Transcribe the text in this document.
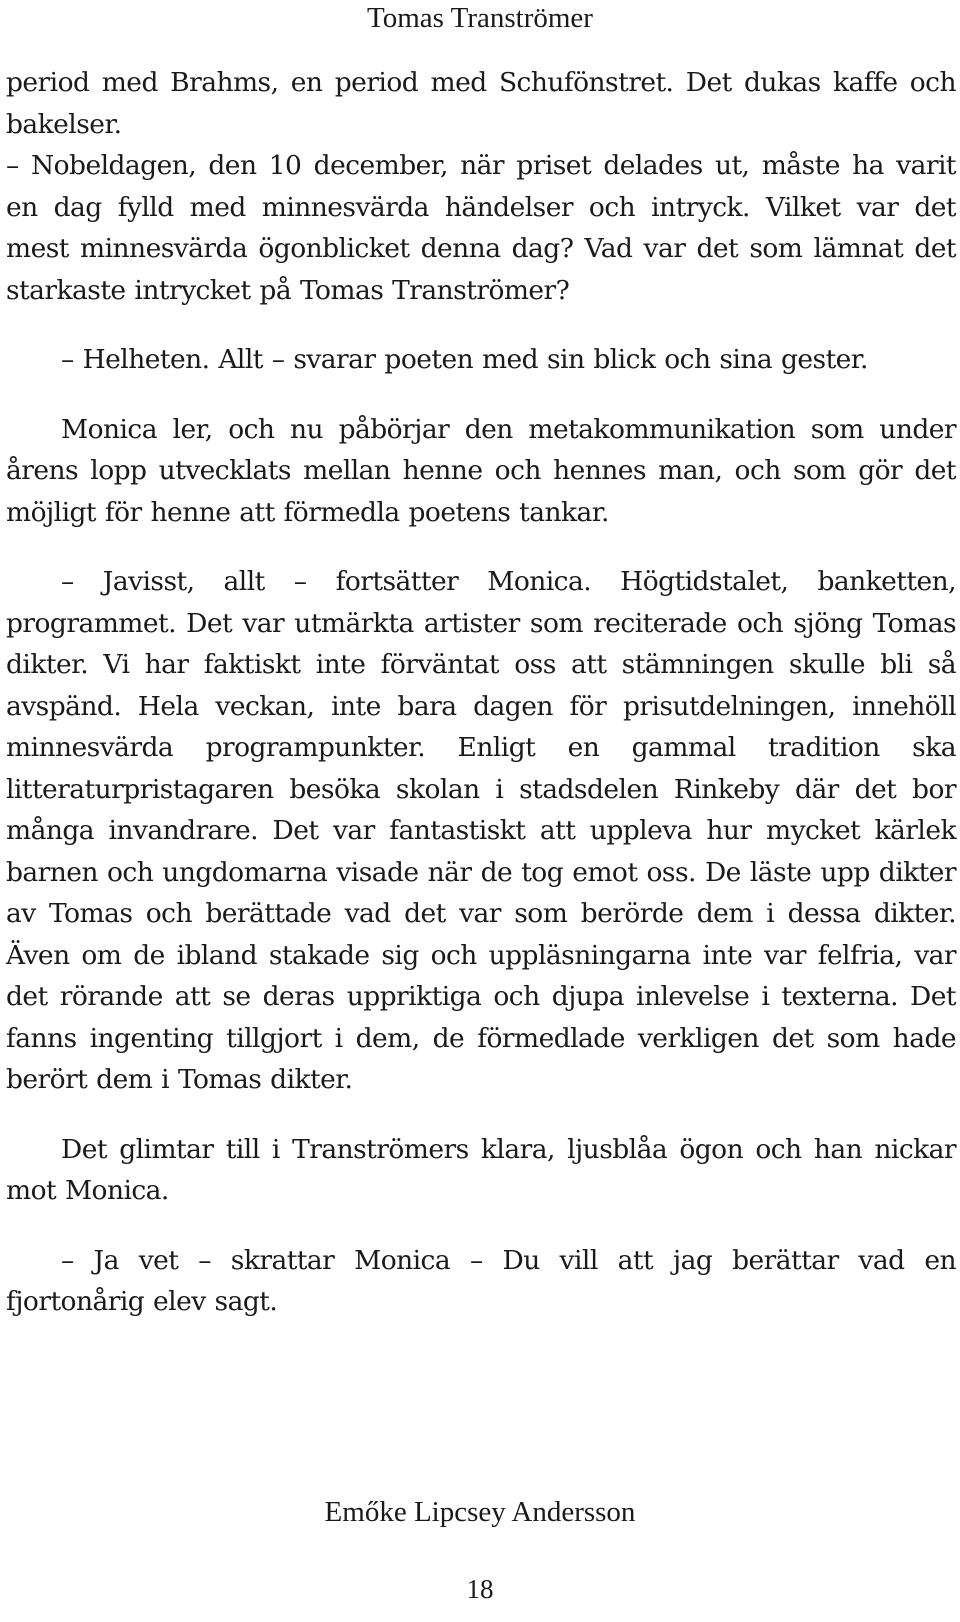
Tomas Tranströmer

period med Brahms, en period med Schufönstret. Det dukas kaffe och bakelser.

– Nobeldagen, den 10 december, när priset delades ut, måste ha varit en dag fylld med minnesvärda händelser och intryck. Vilket var det mest minnesvärda ögonblicket denna dag? Vad var det som lämnat det starkaste intrycket på Tomas Tranströmer?

– Helheten. Allt – svarar poeten med sin blick och sina gester.

Monica ler, och nu påbörjar den metakommunikation som under årens lopp utvecklats mellan henne och hennes man, och som gör det möjligt för henne att förmedla poetens tankar.

– Javisst, allt – fortsätter Monica. Högtidstalet, banketten, programmet. Det var utmärkta artister som reciterade och sjöng Tomas dikter. Vi har faktiskt inte förväntat oss att stämningen skulle bli så avspänd. Hela veckan, inte bara dagen för prisutdelningen, innehöll minnesvärda programpunkter. Enligt en gammal tradition ska litteraturpristagaren besöka skolan i stadsdelen Rinkeby där det bor många invandrare. Det var fantastiskt att uppleva hur mycket kärlek barnen och ungdomarna visade när de tog emot oss. De läste upp dikter av Tomas och berättade vad det var som berörde dem i dessa dikter. Även om de ibland stakade sig och uppläsningarna inte var felfria, var det rörande att se deras uppriktiga och djupa inlevelse i texterna. Det fanns ingenting tillgjort i dem, de förmedlade verkligen det som hade berört dem i Tomas dikter.

Det glimtar till i Tranströmers klara, ljusblåa ögon och han nickar mot Monica.

– Ja vet – skrattar Monica – Du vill att jag berättar vad en fjortonårig elev sagt.

Emőke Lipcsey Andersson
18
